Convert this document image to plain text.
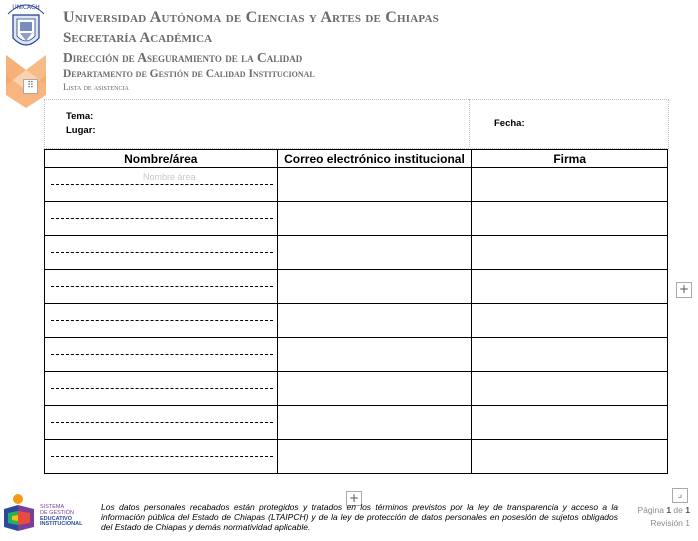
UNICACH
Universidad Autónoma de Ciencias y Artes de Chiapas
Secretaría Académica
Dirección de Aseguramiento de la Calidad
Departamento de Gestión de Calidad Institucional
Lista de asistencia
⠿
Tema:
Lugar:
Fecha:
Nombre/área	Correo electrónico institucional	Firma

Nombre área		

+
+	⌟
SISTEMA
DE GESTIÓN
EDUCATIVO
INSTITUCIONAL
Los datos personales recabados están protegidos y tratados en los términos previstos por la ley de transparencia y acceso a la información pública del Estado de Chiapas (LTAIPCH) y de la ley de protección de datos personales en posesión de sujetos obligados del Estado de Chiapas y demás normatividad aplicable.
Página 1 de 1
Revisión 1
